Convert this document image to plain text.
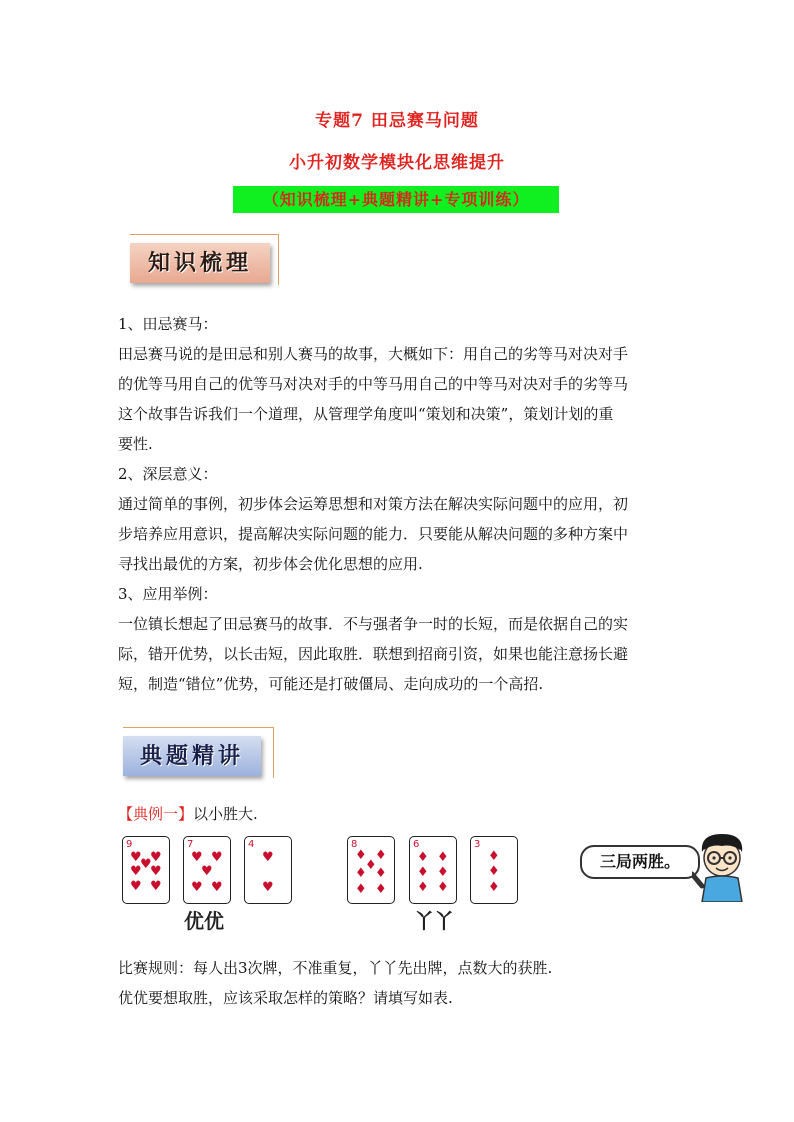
专题7 田忌赛马问题
小升初数学模块化思维提升
（知识梳理+典题精讲+专项训练）
知识梳理

1、田忌赛马：

田忌赛马说的是田忌和别人赛马的故事，大概如下：用自己的劣等马对决对手

的优等马用自己的优等马对决对手的中等马用自己的中等马对决对手的劣等马

这个故事告诉我们一个道理，从管理学角度叫“策划和决策”，策划计划的重

要性.

2、深层意义：

通过简单的事例，初步体会运筹思想和对策方法在解决实际问题中的应用，初

步培养应用意识，提高解决实际问题的能力．只要能从解决问题的多种方案中

寻找出最优的方案，初步体会优化思想的应用.

3、应用举例：

一位镇长想起了田忌赛马的故事．不与强者争一时的长短，而是依据自己的实

际，错开优势，以长击短，因此取胜．联想到招商引资，如果也能注意扬长避

短，制造“错位”优势，可能还是打破僵局、走向成功的一个高招.

典题精讲
【典例一】以小胜大.
9
♥ ♥
♥ ♥
♥
♥ ♥
7
♥ ♥
♥
♥ ♥
4
♥
♥
优优
8
♦ ♦
♦
♦ ♦
♦ ♦
6
♦ ♦
♦ ♦
♦ ♦
3
♦
♦
♦
丫丫
三局两胜。
比赛规则：每人出3次牌，不准重复，丫丫先出牌，点数大的获胜.
优优要想取胜，应该采取怎样的策略？请填写如表.
